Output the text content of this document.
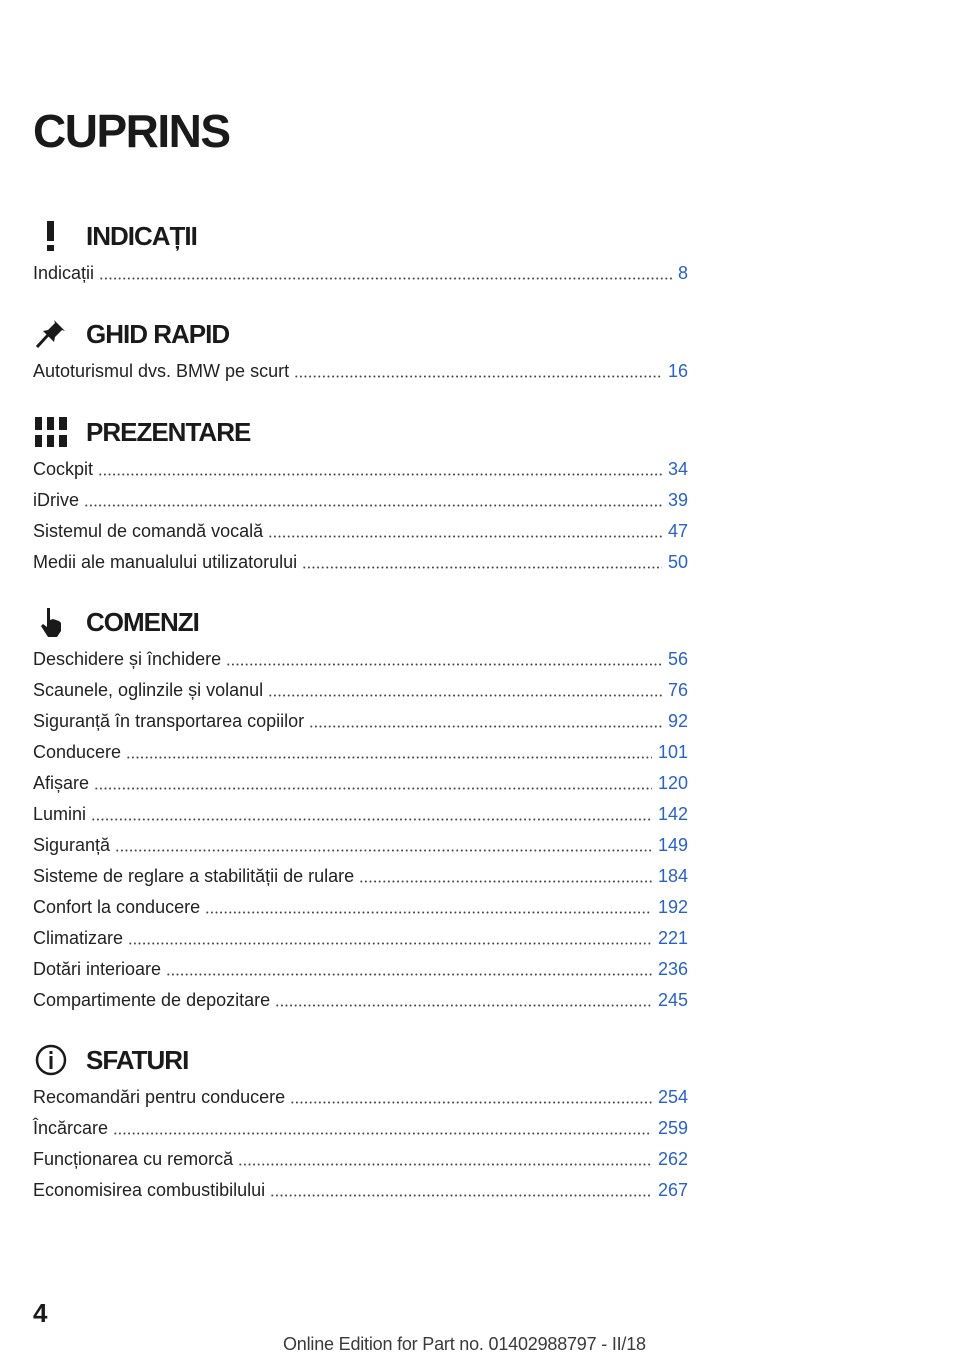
CUPRINS
INDICAȚII
Indicații	8
GHID RAPID
Autoturismul dvs. BMW pe scurt	16
PREZENTARE
Cockpit	34
iDrive	39
Sistemul de comandă vocală	47
Medii ale manualului utilizatorului	50
COMENZI
Deschidere și închidere	56
Scaunele, oglinzile și volanul	76
Siguranță în transportarea copiilor	92
Conducere	101
Afișare	120
Lumini	142
Siguranță	149
Sisteme de reglare a stabilității de rulare	184
Confort la conducere	192
Climatizare	221
Dotări interioare	236
Compartimente de depozitare	245
SFATURI
Recomandări pentru conducere	254
Încărcare	259
Funcționarea cu remorcă	262
Economisirea combustibilului	267
4
Online Edition for Part no. 01402988797 - II/18
